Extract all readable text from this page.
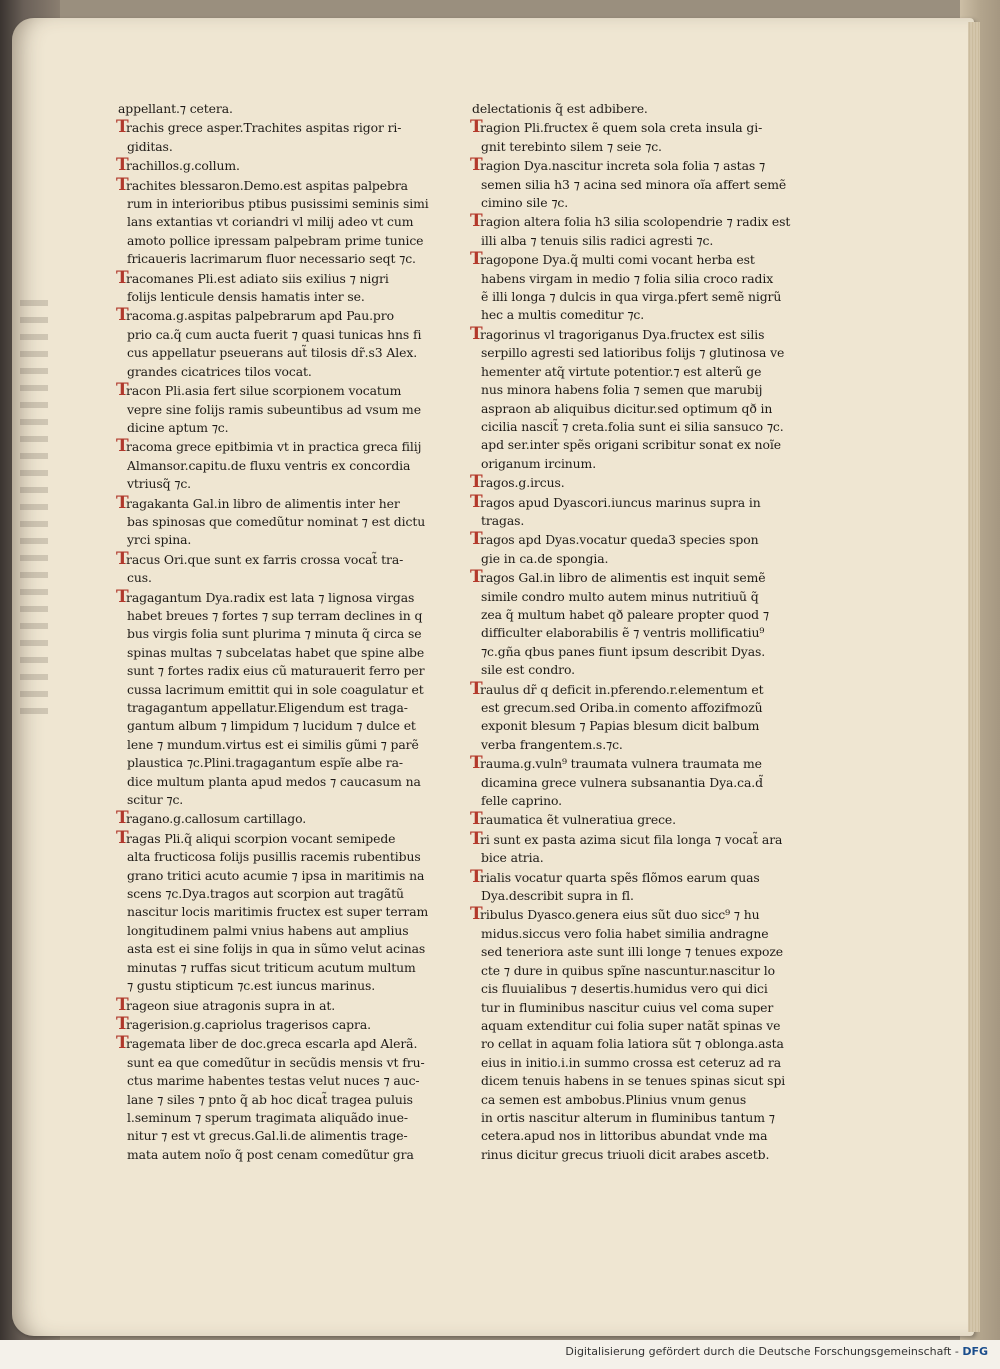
appellant.⁊ cetera.
Trachis grece asper.Trachites aspitas rigor ri-
giditas.
Trachillos.g.collum.
Trachites blessaron.Demo.est aspitas palpebra
rum in interioribus ptibus pusissimi seminis simi
lans extantias vt coriandri vl milij adeo vt cum
amoto pollice ipressam palpebram prime tunice
fricaueris lacrimarum fluor necessario seqt ⁊c.
Tracomanes Pli.est adiato siis exilius ⁊ nigri
folijs lenticule densis hamatis inter se.
Tracoma.g.aspitas palpebrarum apd Pau.pro
prio ca.q̃ cum aucta fuerit ⁊ quasi tunicas hns fi
cus appellatur pseuerans aut̃ tilosis dr̃.s3 Alex.
grandes cicatrices tilos vocat.
Tracon Pli.asia fert silue scorpionem vocatum
vepre sine folijs ramis subeuntibus ad vsum me
dicine aptum ⁊c.
Tracoma grece epitbimia vt in practica greca filij
Almansor.capitu.de fluxu ventris ex concordia
vtriusq̃ ⁊c.
Tragakanta Gal.in libro de alimentis inter her
bas spinosas que comedũtur nominat ⁊ est dictu
yrci spina.
Tracus Ori.que sunt ex farris crossa vocat̃ tra-
cus.
Tragagantum Dya.radix est lata ⁊ lignosa virgas
habet breues ⁊ fortes ⁊ sup terram declines in q
bus virgis folia sunt plurima ⁊ minuta q̃ circa se
spinas multas ⁊ subcelatas habet que spine albe
sunt ⁊ fortes radix eius cũ maturauerit ferro per
cussa lacrimum emittit qui in sole coagulatur et
tragagantum appellatur.Eligendum est traga-
gantum album ⁊ limpidum ⁊ lucidum ⁊ dulce et
lene ⁊ mundum.virtus est ei similis gũmi ⁊ parẽ
plaustica ⁊c.Plini.tragagantum espĩe albe ra-
dice multum planta apud medos ⁊ caucasum na
scitur ⁊c.
Tragano.g.callosum cartillago.
Tragas Pli.q̃ aliqui scorpion vocant semipede
alta fructicosa folijs pusillis racemis rubentibus
grano tritici acuto acumie ⁊ ipsa in maritimis na
scens ⁊c.Dya.tragos aut scorpion aut tragãtũ
nascitur locis maritimis fructex est super terram
longitudinem palmi vnius habens aut amplius
asta est ei sine folijs in qua in sũmo velut acinas
minutas ⁊ ruffas sicut triticum acutum multum
⁊ gustu stipticum ⁊c.est iuncus marinus.
Trageon siue atragonis supra in at.
Tragerision.g.capriolus tragerisos capra.
Tragemata liber de doc.greca escarla apd Alerã.
sunt ea que comedũtur in secũdis mensis vt fru-
ctus marime habentes testas velut nuces ⁊ auc-
lane ⁊ siles ⁊ pnto q̃ ab hoc dicat̃ tragea puluis
l.seminum ⁊ sperum tragimata aliquãdo inue-
nitur ⁊ est vt grecus.Gal.li.de alimentis trage-
mata autem noĩo q̃ post cenam comedũtur gra
delectationis q̃ est adbibere.
Tragion Pli.fructex ẽ quem sola creta insula gi-
gnit terebinto silem ⁊ seie ⁊c.
Tragion Dya.nascitur increta sola folia ⁊ astas ⁊
semen silia h3 ⁊ acina sed minora oĩa affert semẽ
cimino sile ⁊c.
Tragion altera folia h3 silia scolopendrie ⁊ radix est
illi alba ⁊ tenuis silis radici agresti ⁊c.
Tragopone Dya.q̃ multi comi vocant herba est
habens virgam in medio ⁊ folia silia croco radix
ẽ illi longa ⁊ dulcis in qua virga.pfert semẽ nigrũ
hec a multis comeditur ⁊c.
Tragorinus vl tragoriganus Dya.fructex est silis
serpillo agresti sed latioribus folijs ⁊ glutinosa ve
hementer atq̃ virtute potentior.⁊ est alterũ ge
nus minora habens folia ⁊ semen que marubij
aspraon ab aliquibus dicitur.sed optimum qð in
cicilia nascit̃ ⁊ creta.folia sunt ei silia sansuco ⁊c.
apd ser.inter spẽs origani scribitur sonat ex noĩe
origanum ircinum.
Tragos.g.ircus.
Tragos apud Dyascori.iuncus marinus supra in
tragas.
Tragos apd Dyas.vocatur queda3 species spon
gie in ca.de spongia.
Tragos Gal.in libro de alimentis est inquit semẽ
simile condro multo autem minus nutritiuũ q̃
zea q̃ multum habet qð paleare propter quod ⁊
difficulter elaborabilis ẽ ⁊ ventris mollificatiu⁹
⁊c.gña qbus panes fiunt ipsum describit Dyas.
sile est condro.
Traulus dr̃ q deficit in.pferendo.r.elementum et
est grecum.sed Oriba.in comento affozifmozũ
exponit blesum ⁊ Papias blesum dicit balbum
verba frangentem.s.⁊c.
Trauma.g.vuln⁹ traumata vulnera traumata me
dicamina grece vulnera subsanantia Dya.ca.d̃
felle caprino.
Traumatica ẽt vulneratiua grece.
Tri sunt ex pasta azima sicut fila longa ⁊ vocat̃ ara
bice atria.
Trialis vocatur quarta spẽs flõmos earum quas
Dya.describit supra in fl.
Tribulus Dyasco.genera eius sũt duo sicc⁹ ⁊ hu
midus.siccus vero folia habet similia andragne
sed teneriora aste sunt illi longe ⁊ tenues expoze
cte ⁊ dure in quibus spĩne nascuntur.nascitur lo
cis fluuialibus ⁊ desertis.humidus vero qui dici
tur in fluminibus nascitur cuius vel coma super
aquam extenditur cui folia super natãt spinas ve
ro cellat in aquam folia latiora sũt ⁊ oblonga.asta
eius in initio.i.in summo crossa est ceteruz ad ra
dicem tenuis habens in se tenues spinas sicut spi
ca semen est ambobus.Plinius vnum genus
in ortis nascitur alterum in fluminibus tantum ⁊
cetera.apud nos in littoribus abundat vnde ma
rinus dicitur grecus triuoli dicit arabes ascetb.
Digitalisierung gefördert durch die Deutsche Forschungsgemeinschaft - DFG
